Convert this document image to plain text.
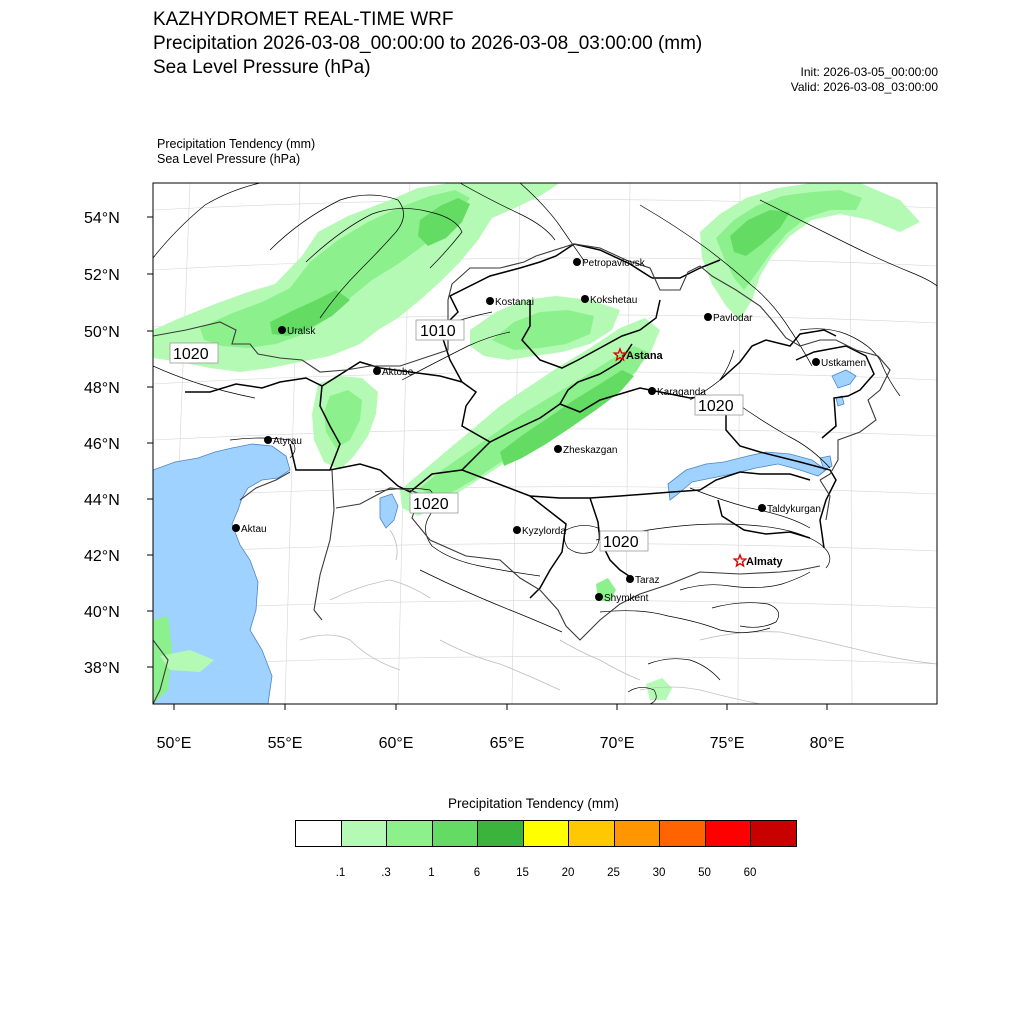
KAZHYDROMET REAL-TIME WRF
Precipitation 2026-03-08_00:00:00 to 2026-03-08_03:00:00 (mm)
Sea Level Pressure (hPa)	Init: 2026-03-05_00:00:00
Valid: 2026-03-08_03:00:00
Precipitation Tendency (mm)
Sea Level Pressure (hPa)
54°N
52°N
50°N
48°N
46°N
44°N
42°N
40°N
38°N
50°E	55°E	60°E	65°E	70°E	75°E	80°E
1010
1020
1020
1020
1020
Petropavlovsk
Kostanai	Kokshetau
Pavlodar
Uralsk
Astana
Aktobe
Ustkamen
Karaganda
Atyrau
Zheskazgan
Aktau	Kyzylorda
Taldykurgan
Almaty
Taraz
Shymkent
Precipitation Tendency (mm)
.1	.3	1	6	15	20	25	30	50	60
